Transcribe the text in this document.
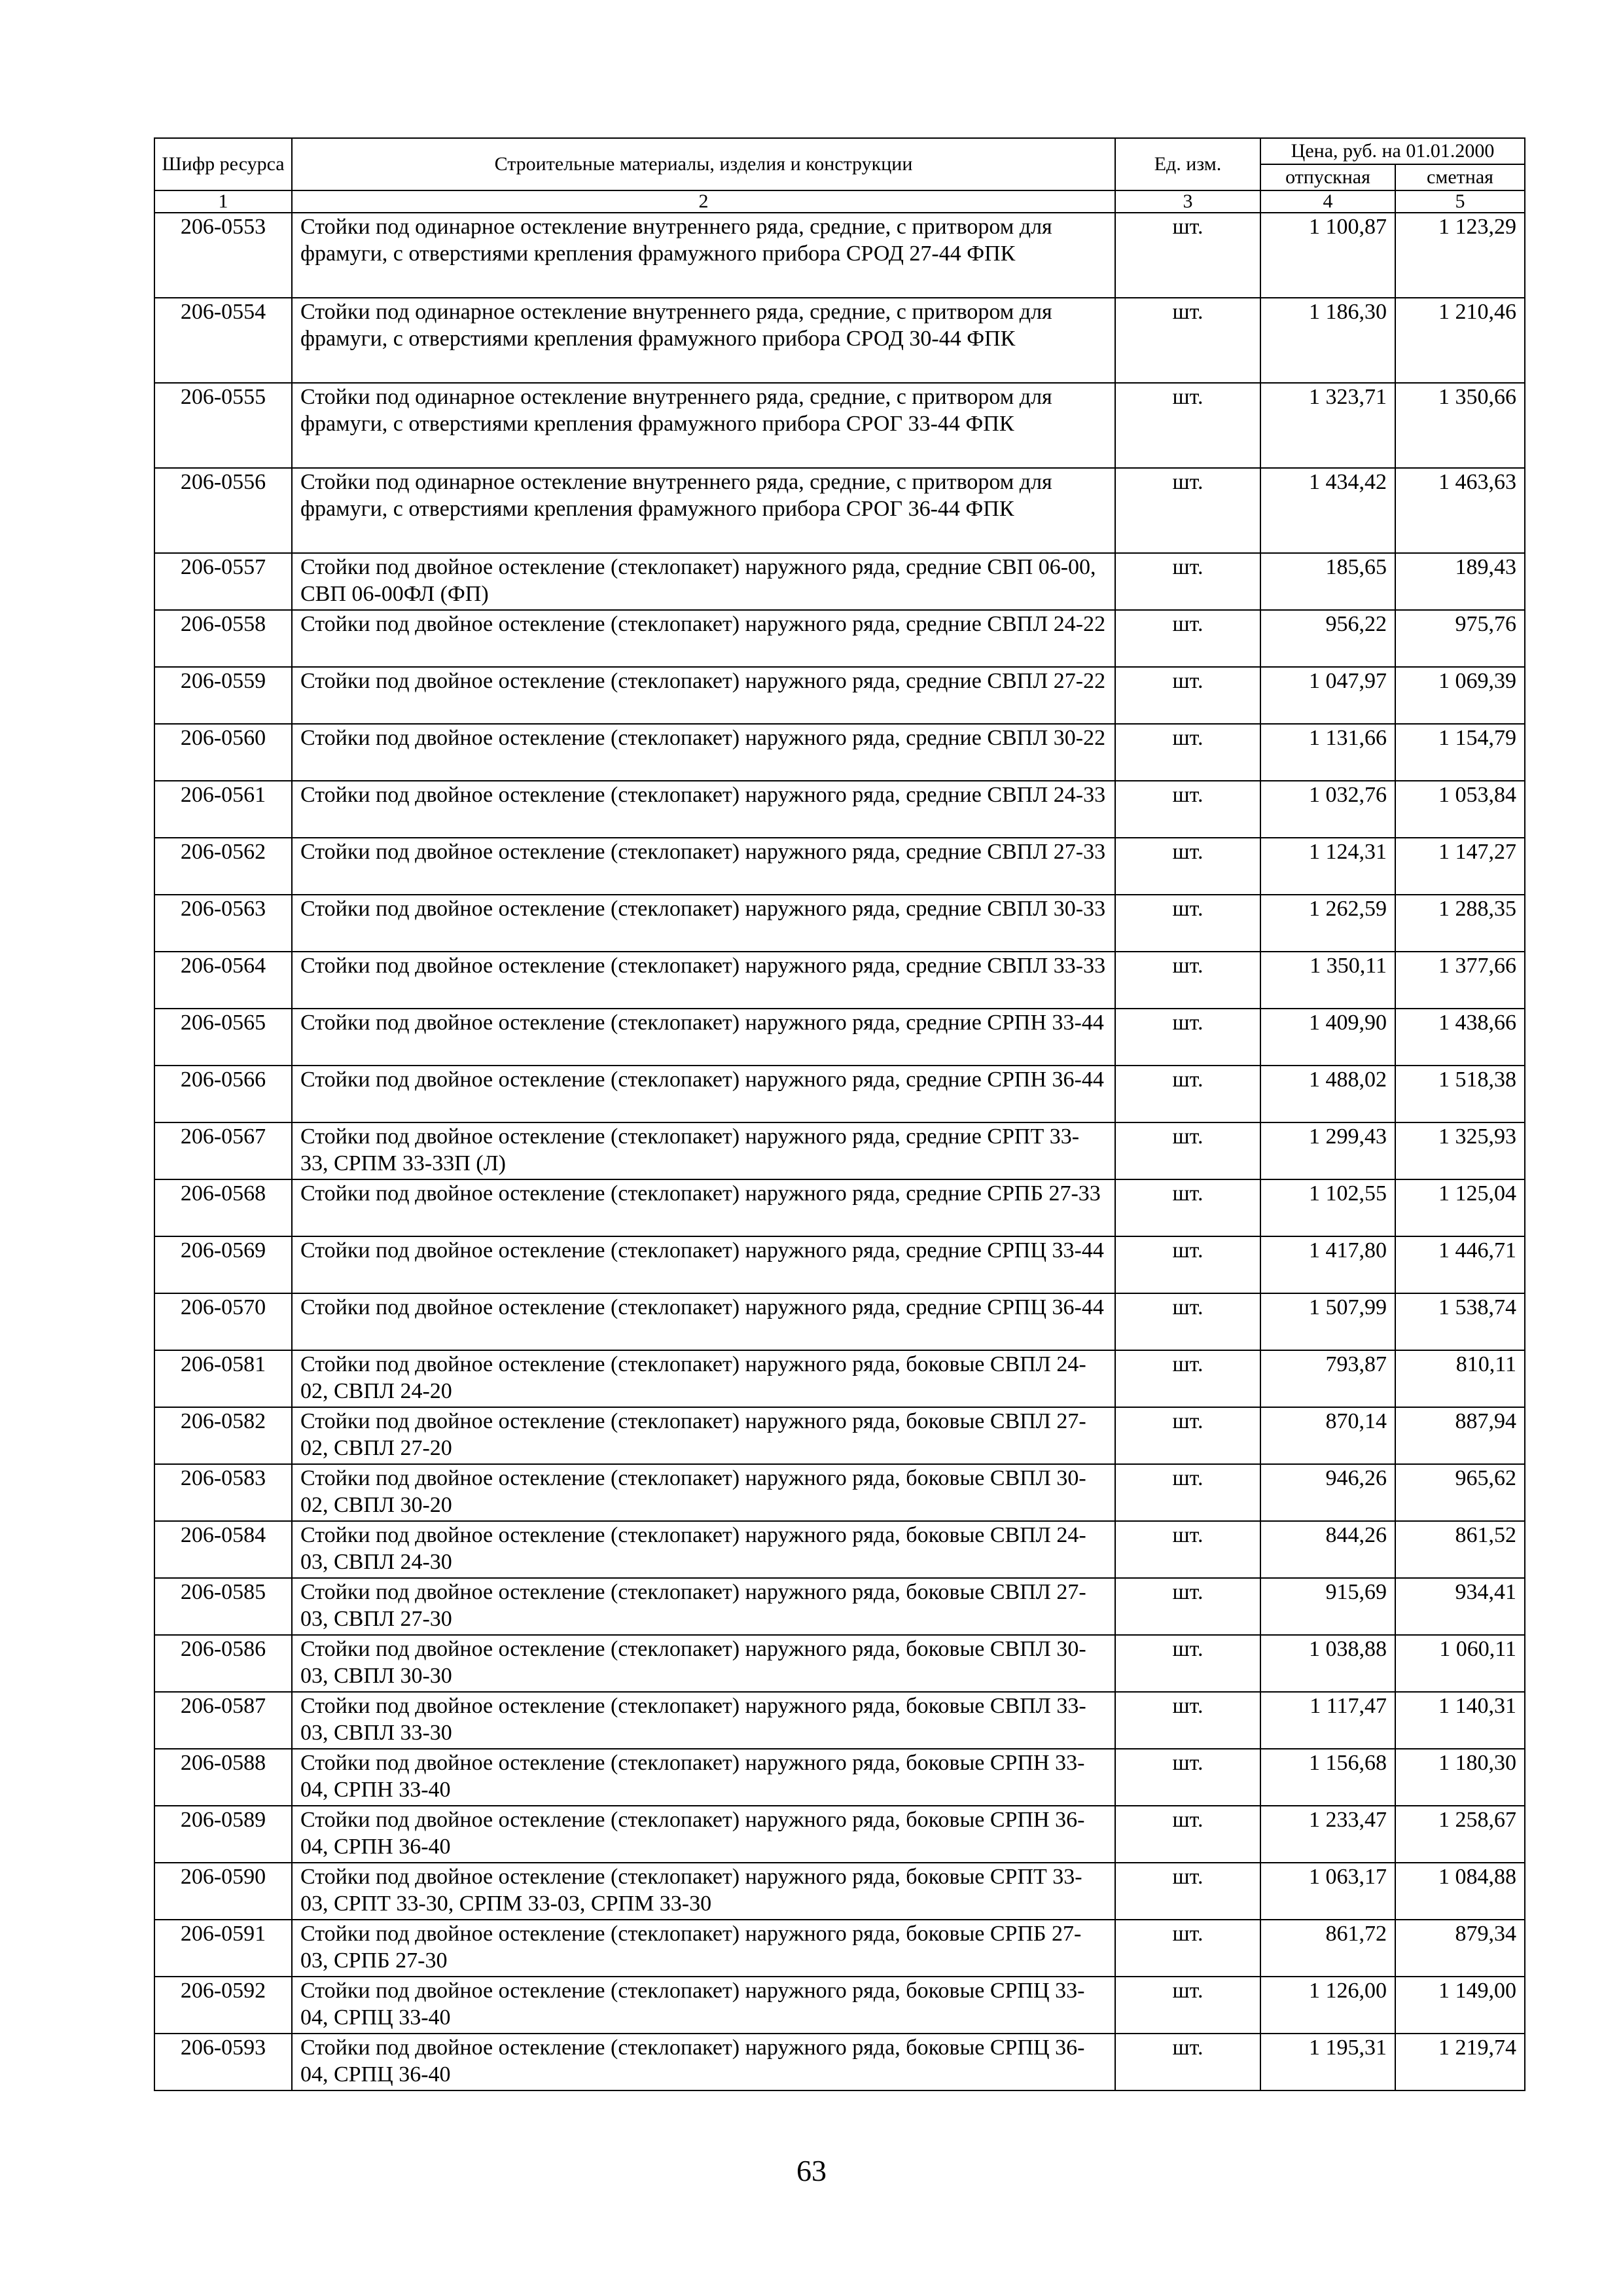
Шифр ресурса	Строительные материалы, изделия и конструкции	Ед. изм.	Цена, руб. на 01.01.2000	
			отпускная	сметная
1	2	3	4	5
206-0553	Стойки под одинарное остекление внутреннего ряда, средние, с притвором для фрамуги, с отверстиями крепления фрамужного прибора СРОД 27-44 ФПК	шт.	1 100,87	1 123,29
206-0554	Стойки под одинарное остекление внутреннего ряда, средние, с притвором для фрамуги, с отверстиями крепления фрамужного прибора СРОД 30-44 ФПК	шт.	1 186,30	1 210,46
206-0555	Стойки под одинарное остекление внутреннего ряда, средние, с притвором для фрамуги, с отверстиями крепления фрамужного прибора СРОГ 33-44 ФПК	шт.	1 323,71	1 350,66
206-0556	Стойки под одинарное остекление внутреннего ряда, средние, с притвором для фрамуги, с отверстиями крепления фрамужного прибора СРОГ 36-44 ФПК	шт.	1 434,42	1 463,63
206-0557	Стойки под двойное остекление (стеклопакет) наружного ряда, средние СВП 06-00, СВП 06-00ФЛ (ФП)	шт.	185,65	189,43
206-0558	Стойки под двойное остекление (стеклопакет) наружного ряда, средние СВПЛ 24-22	шт.	956,22	975,76
206-0559	Стойки под двойное остекление (стеклопакет) наружного ряда, средние СВПЛ 27-22	шт.	1 047,97	1 069,39
206-0560	Стойки под двойное остекление (стеклопакет) наружного ряда, средние СВПЛ 30-22	шт.	1 131,66	1 154,79
206-0561	Стойки под двойное остекление (стеклопакет) наружного ряда, средние СВПЛ 24-33	шт.	1 032,76	1 053,84
206-0562	Стойки под двойное остекление (стеклопакет) наружного ряда, средние СВПЛ 27-33	шт.	1 124,31	1 147,27
206-0563	Стойки под двойное остекление (стеклопакет) наружного ряда, средние СВПЛ 30-33	шт.	1 262,59	1 288,35
206-0564	Стойки под двойное остекление (стеклопакет) наружного ряда, средние СВПЛ 33-33	шт.	1 350,11	1 377,66
206-0565	Стойки под двойное остекление (стеклопакет) наружного ряда, средние СРПН 33-44	шт.	1 409,90	1 438,66
206-0566	Стойки под двойное остекление (стеклопакет) наружного ряда, средние СРПН 36-44	шт.	1 488,02	1 518,38
206-0567	Стойки под двойное остекление (стеклопакет) наружного ряда, средние СРПТ 33-33, СРПМ 33-33П (Л)	шт.	1 299,43	1 325,93
206-0568	Стойки под двойное остекление (стеклопакет) наружного ряда, средние СРПБ 27-33	шт.	1 102,55	1 125,04
206-0569	Стойки под двойное остекление (стеклопакет) наружного ряда, средние СРПЦ 33-44	шт.	1 417,80	1 446,71
206-0570	Стойки под двойное остекление (стеклопакет) наружного ряда, средние СРПЦ 36-44	шт.	1 507,99	1 538,74
206-0581	Стойки под двойное остекление (стеклопакет) наружного ряда, боковые СВПЛ 24-02, СВПЛ 24-20	шт.	793,87	810,11
206-0582	Стойки под двойное остекление (стеклопакет) наружного ряда, боковые СВПЛ 27-02, СВПЛ 27-20	шт.	870,14	887,94
206-0583	Стойки под двойное остекление (стеклопакет) наружного ряда, боковые СВПЛ 30-02, СВПЛ 30-20	шт.	946,26	965,62
206-0584	Стойки под двойное остекление (стеклопакет) наружного ряда, боковые СВПЛ 24-03, СВПЛ 24-30	шт.	844,26	861,52
206-0585	Стойки под двойное остекление (стеклопакет) наружного ряда, боковые СВПЛ 27-03, СВПЛ 27-30	шт.	915,69	934,41
206-0586	Стойки под двойное остекление (стеклопакет) наружного ряда, боковые СВПЛ 30-03, СВПЛ 30-30	шт.	1 038,88	1 060,11
206-0587	Стойки под двойное остекление (стеклопакет) наружного ряда, боковые СВПЛ 33-03, СВПЛ 33-30	шт.	1 117,47	1 140,31
206-0588	Стойки под двойное остекление (стеклопакет) наружного ряда, боковые СРПН 33-04, СРПН 33-40	шт.	1 156,68	1 180,30
206-0589	Стойки под двойное остекление (стеклопакет) наружного ряда, боковые СРПН 36-04, СРПН 36-40	шт.	1 233,47	1 258,67
206-0590	Стойки под двойное остекление (стеклопакет) наружного ряда, боковые СРПТ 33-03, СРПТ 33-30, СРПМ 33-03, СРПМ 33-30	шт.	1 063,17	1 084,88
206-0591	Стойки под двойное остекление (стеклопакет) наружного ряда, боковые СРПБ 27-03, СРПБ 27-30	шт.	861,72	879,34
206-0592	Стойки под двойное остекление (стеклопакет) наружного ряда, боковые СРПЦ 33-04, СРПЦ 33-40	шт.	1 126,00	1 149,00
206-0593	Стойки под двойное остекление (стеклопакет) наружного ряда, боковые СРПЦ 36-04, СРПЦ 36-40	шт.	1 195,31	1 219,74
63
